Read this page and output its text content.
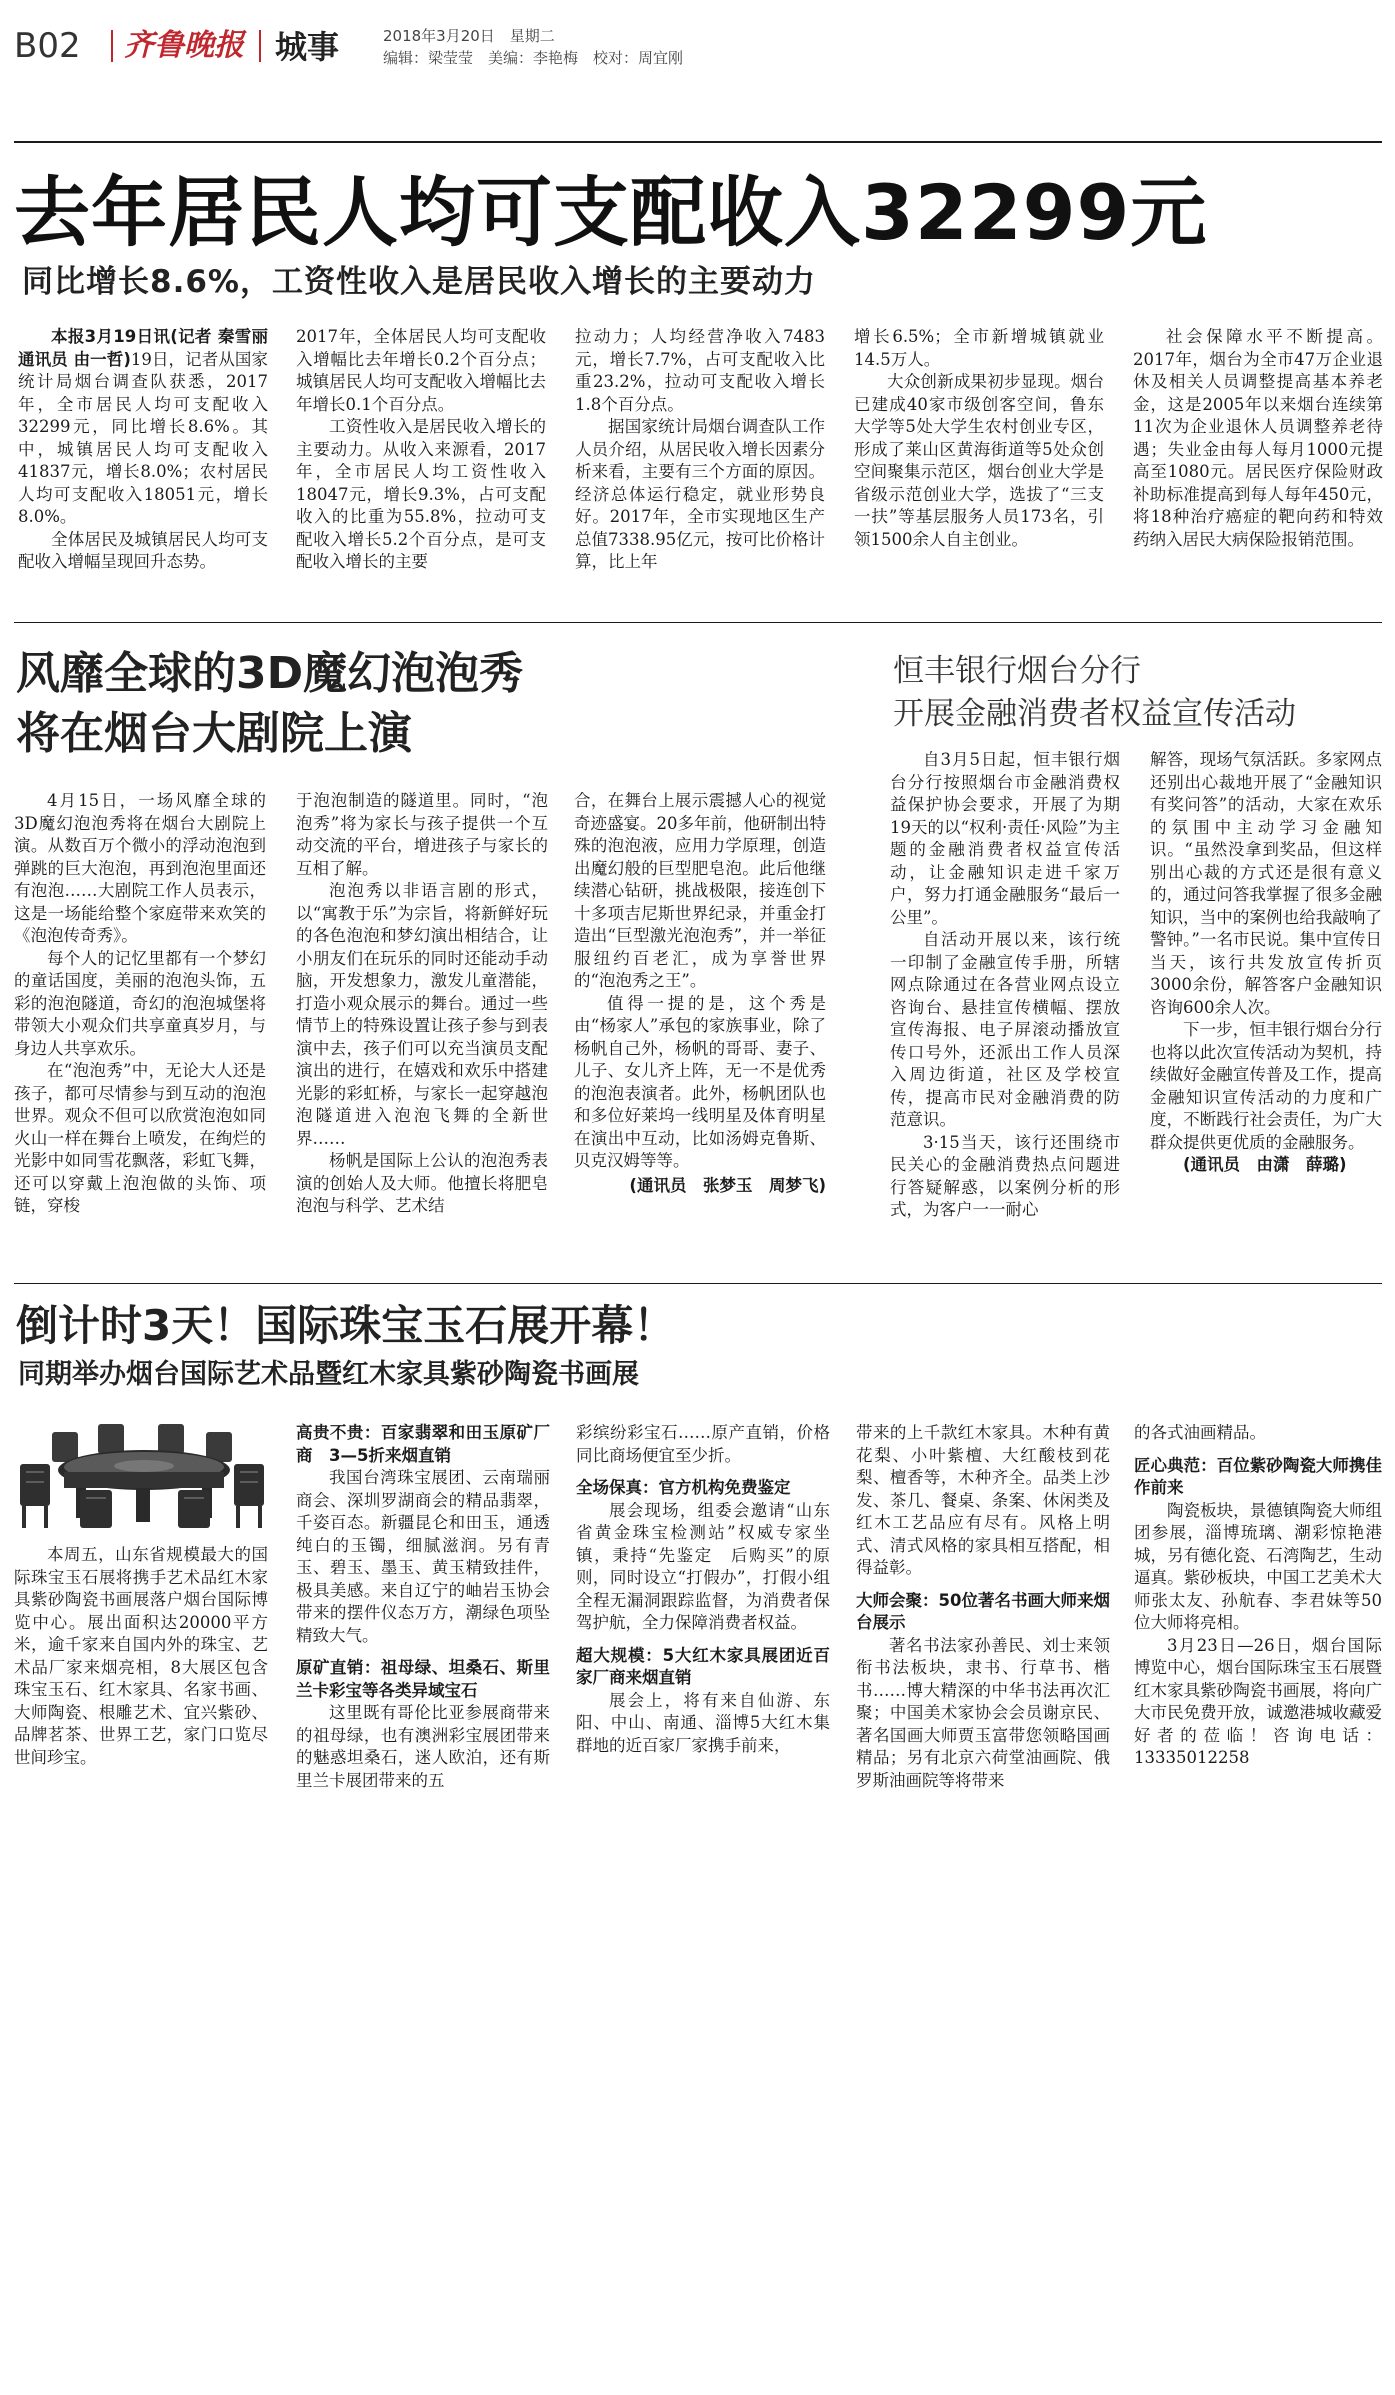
B02 齐鲁晚报 城事	2018年3月20日　星期二
编辑：梁莹莹　美编：李艳梅　校对：周宜刚
去年居民人均可支配收入32299元
同比增长8.6%，工资性收入是居民收入增长的主要动力

本报3月19日讯(记者 秦雪丽 通讯员 由一哲)19日，记者从国家统计局烟台调查队获悉，2017年，全市居民人均可支配收入32299元，同比增长8.6%。其中，城镇居民人均可支配收入41837元，增长8.0%；农村居民人均可支配收入18051元，增长8.0%。

全体居民及城镇居民人均可支配收入增幅呈现回升态势。

2017年，全体居民人均可支配收入增幅比去年增长0.2个百分点；城镇居民人均可支配收入增幅比去年增长0.1个百分点。

工资性收入是居民收入增长的主要动力。从收入来源看，2017年，全市居民人均工资性收入18047元，增长9.3%，占可支配收入的比重为55.8%，拉动可支配收入增长5.2个百分点，是可支配收入增长的主要

拉动力；人均经营净收入7483元，增长7.7%，占可支配收入比重23.2%，拉动可支配收入增长1.8个百分点。

据国家统计局烟台调查队工作人员介绍，从居民收入增长因素分析来看，主要有三个方面的原因。经济总体运行稳定，就业形势良好。2017年，全市实现地区生产总值7338.95亿元，按可比价格计算，比上年

增长6.5%；全市新增城镇就业14.5万人。

大众创新成果初步显现。烟台已建成40家市级创客空间，鲁东大学等5处大学生农村创业专区，形成了莱山区黄海街道等5处众创空间聚集示范区，烟台创业大学是省级示范创业大学，选拔了“三支一扶”等基层服务人员173名，引领1500余人自主创业。

社会保障水平不断提高。2017年，烟台为全市47万企业退休及相关人员调整提高基本养老金，这是2005年以来烟台连续第11次为企业退休人员调整养老待遇；失业金由每人每月1000元提高至1080元。居民医疗保险财政补助标准提高到每人每年450元，将18种治疗癌症的靶向药和特效药纳入居民大病保险报销范围。

风靡全球的3D魔幻泡泡秀
将在烟台大剧院上演

4月15日，一场风靡全球的3D魔幻泡泡秀将在烟台大剧院上演。从数百万个微小的浮动泡泡到弹跳的巨大泡泡，再到泡泡里面还有泡泡……大剧院工作人员表示，这是一场能给整个家庭带来欢笑的《泡泡传奇秀》。

每个人的记忆里都有一个梦幻的童话国度，美丽的泡泡头饰，五彩的泡泡隧道，奇幻的泡泡城堡将带领大小观众们共享童真岁月，与身边人共享欢乐。

在“泡泡秀”中，无论大人还是孩子，都可尽情参与到互动的泡泡世界。观众不但可以欣赏泡泡如同火山一样在舞台上喷发，在绚烂的光影中如同雪花飘落，彩虹飞舞，还可以穿戴上泡泡做的头饰、项链，穿梭

于泡泡制造的隧道里。同时，“泡泡秀”将为家长与孩子提供一个互动交流的平台，增进孩子与家长的互相了解。

泡泡秀以非语言剧的形式，以“寓教于乐”为宗旨，将新鲜好玩的各色泡泡和梦幻演出相结合，让小朋友们在玩乐的同时还能动手动脑，开发想象力，激发儿童潜能，打造小观众展示的舞台。通过一些情节上的特殊设置让孩子参与到表演中去，孩子们可以充当演员支配演出的进行，在嬉戏和欢乐中搭建光影的彩虹桥，与家长一起穿越泡泡隧道进入泡泡飞舞的全新世界……

杨帆是国际上公认的泡泡秀表演的创始人及大师。他擅长将肥皂泡泡与科学、艺术结

合，在舞台上展示震撼人心的视觉奇迹盛宴。20多年前，他研制出特殊的泡泡液，应用力学原理，创造出魔幻般的巨型肥皂泡。此后他继续潜心钻研，挑战极限，接连创下十多项吉尼斯世界纪录，并重金打造出“巨型激光泡泡秀”，并一举征服纽约百老汇，成为享誉世界的“泡泡秀之王”。

值得一提的是，这个秀是由“杨家人”承包的家族事业，除了杨帆自己外，杨帆的哥哥、妻子、儿子、女儿齐上阵，无一不是优秀的泡泡表演者。此外，杨帆团队也和多位好莱坞一线明星及体育明星在演出中互动，比如汤姆克鲁斯、贝克汉姆等等。

(通讯员　张梦玉　周梦飞)

恒丰银行烟台分行
开展金融消费者权益宣传活动

自3月5日起，恒丰银行烟台分行按照烟台市金融消费权益保护协会要求，开展了为期19天的以“权利·责任·风险”为主题的金融消费者权益宣传活动，让金融知识走进千家万户，努力打通金融服务“最后一公里”。

自活动开展以来，该行统一印制了金融宣传手册，所辖网点除通过在各营业网点设立咨询台、悬挂宣传横幅、摆放宣传海报、电子屏滚动播放宣传口号外，还派出工作人员深入周边街道，社区及学校宣传，提高市民对金融消费的防范意识。

3·15当天，该行还围绕市民关心的金融消费热点问题进行答疑解惑，以案例分析的形式，为客户一一耐心

解答，现场气氛活跃。多家网点还别出心裁地开展了“金融知识有奖问答”的活动，大家在欢乐的氛围中主动学习金融知识。“虽然没拿到奖品，但这样别出心裁的方式还是很有意义的，通过问答我掌握了很多金融知识，当中的案例也给我敲响了警钟。”一名市民说。集中宣传日当天，该行共发放宣传折页3000余份，解答客户金融知识咨询600余人次。

下一步，恒丰银行烟台分行也将以此次宣传活动为契机，持续做好金融宣传普及工作，提高金融知识宣传活动的力度和广度，不断践行社会责任，为广大群众提供更优质的金融服务。

(通讯员　由潇　薛璐)

倒计时3天！国际珠宝玉石展开幕！
同期举办烟台国际艺术品暨红木家具紫砂陶瓷书画展

本周五，山东省规模最大的国际珠宝玉石展将携手艺术品红木家具紫砂陶瓷书画展落户烟台国际博览中心。展出面积达20000平方米，逾千家来自国内外的珠宝、艺术品厂家来烟亮相，8大展区包含珠宝玉石、红木家具、名家书画、大师陶瓷、根雕艺术、宜兴紫砂、品牌茗茶、世界工艺，家门口览尽世间珍宝。

高贵不贵：百家翡翠和田玉原矿厂商　3—5折来烟直销

我国台湾珠宝展团、云南瑞丽商会、深圳罗湖商会的精品翡翠，千姿百态。新疆昆仑和田玉，通透纯白的玉镯，细腻滋润。另有青玉、碧玉、墨玉、黄玉精致挂件，极具美感。来自辽宁的岫岩玉协会带来的摆件仪态万方，潮绿色项坠精致大气。

原矿直销：祖母绿、坦桑石、斯里兰卡彩宝等各类异域宝石

这里既有哥伦比亚参展商带来的祖母绿，也有澳洲彩宝展团带来的魅惑坦桑石，迷人欧泊，还有斯里兰卡展团带来的五

彩缤纷彩宝石……原产直销，价格同比商场便宜至少折。

全场保真：官方机构免费鉴定

展会现场，组委会邀请“山东省黄金珠宝检测站”权威专家坐镇，秉持“先鉴定　后购买”的原则，同时设立“打假办”，打假小组全程无漏洞跟踪监督，为消费者保驾护航，全力保障消费者权益。

超大规模：5大红木家具展团近百家厂商来烟直销

展会上，将有来自仙游、东阳、中山、南通、淄博5大红木集群地的近百家厂家携手前来，

带来的上千款红木家具。木种有黄花梨、小叶紫檀、大红酸枝到花梨、檀香等，木种齐全。品类上沙发、茶几、餐桌、条案、休闲类及红木工艺品应有尽有。风格上明式、清式风格的家具相互搭配，相得益彰。

大师会聚：50位著名书画大师来烟台展示

著名书法家孙善民、刘士来领衔书法板块，隶书、行草书、楷书……博大精深的中华书法再次汇聚；中国美术家协会会员谢京民、著名国画大师贾玉富带您领略国画精品；另有北京六荷堂油画院、俄罗斯油画院等将带来

的各式油画精品。

匠心典范：百位紫砂陶瓷大师携佳作前来

陶瓷板块，景德镇陶瓷大师组团参展，淄博琉璃、潮彩惊艳港城，另有德化瓷、石湾陶艺，生动逼真。紫砂板块，中国工艺美术大师张太友、孙航春、李君妹等50位大师将亮相。

3月23日—26日，烟台国际博览中心，烟台国际珠宝玉石展暨红木家具紫砂陶瓷书画展，将向广大市民免费开放，诚邀港城收藏爱好者的莅临！咨询电话：13335012258
